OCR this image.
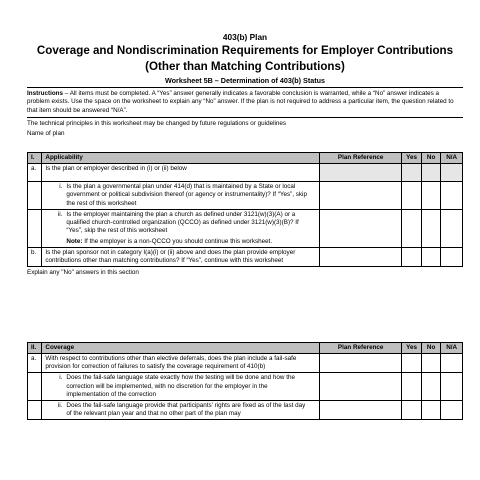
403(b) Plan
Coverage and Nondiscrimination Requirements for Employer Contributions
(Other than Matching Contributions)
Worksheet 5B – Determination of 403(b) Status
Instructions – All items must be completed. A “Yes” answer generally indicates a favorable conclusion is warranted, while a “No” answer indicates a problem exists. Use the space on the worksheet to explain any “No” answer. If the plan is not required to address a particular item, the question related to that item should be answered “N/A”.
The technical principles in this worksheet may be changed by future regulations or guidelines
Name of plan
I.	Applicability	Plan Reference	Yes	No	N/A
a.	Is the plan or employer described in (i) or (ii) below				
	i. Is the plan a governmental plan under 414(d) that is maintained by a State or local government or political subdivision thereof (or agency or instrumentality)? If “Yes”, skip the rest of this worksheet				
	ii. Is the employer maintaining the plan a church as defined under 3121(w)(3)(A) or a qualified church-controlled organization (QCCO) as defined under 3121(w)(3)(B)? If “Yes”, skip the rest of this worksheet
Note: If the employer is a non-QCCO you should continue this worksheet.				

b.	Is the plan sponsor not in category I(a)(i) or (ii) above and does the plan provide employer contributions other than matching contributions? If “Yes”, continue with this worksheet				
Explain any "No" answers in this section
II.	Coverage	Plan Reference	Yes	No	N/A
a.	With respect to contributions other than elective deferrals, does the plan include a fail-safe provision for correction of failures to satisfy the coverage requirement of 410(b)				
	i. Does the fail-safe language state exactly how the testing will be done and how the correction will be implemented, with no discretion for the employer in the implementation of the correction				
	ii. Does the fail-safe language provide that participants' rights are fixed as of the last day of the relevant plan year and that no other part of the plan may				
